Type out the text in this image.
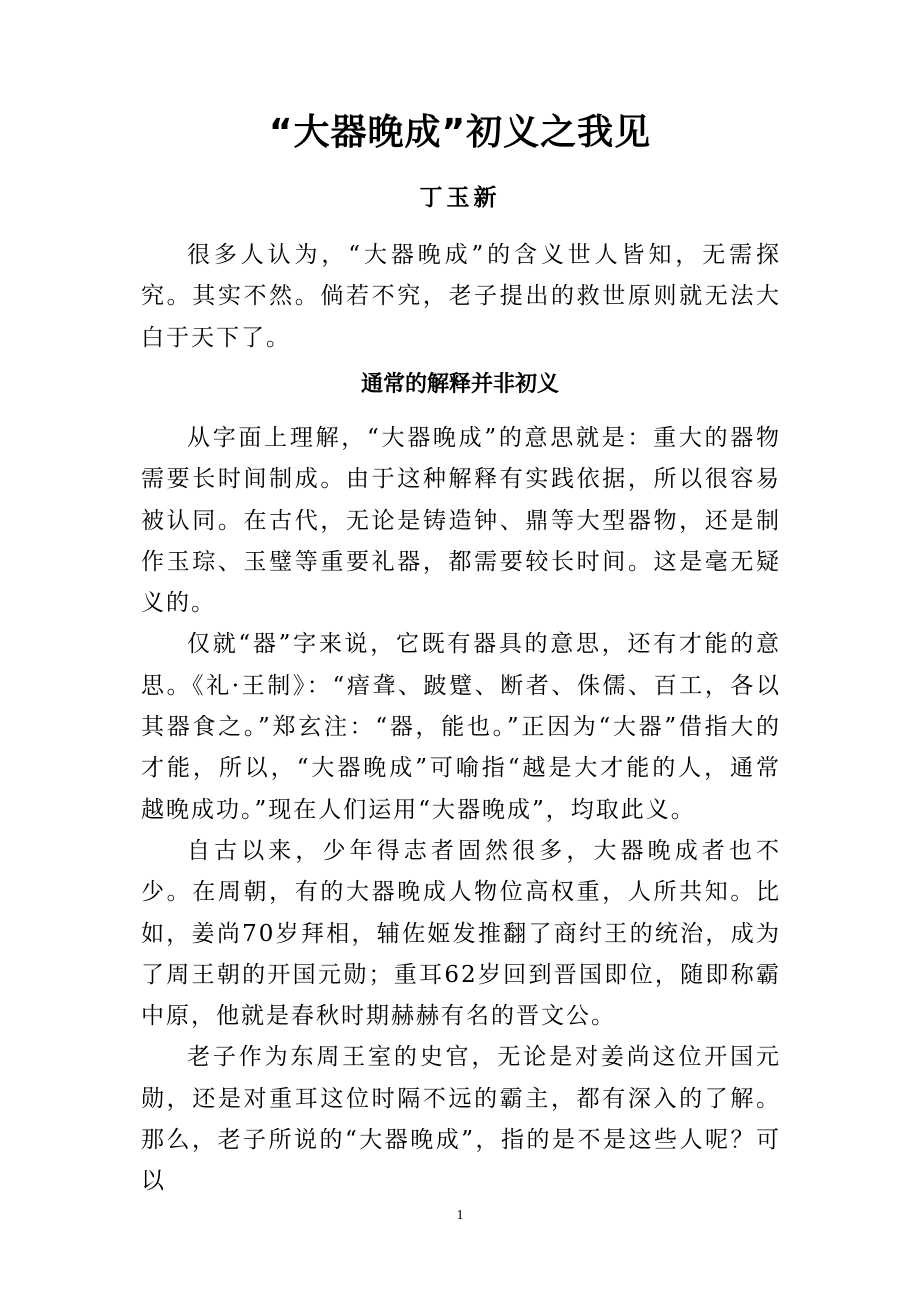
“大器晚成”初义之我见
丁玉新

很多人认为，“大器晚成”的含义世人皆知，无需探究。其实不然。倘若不究，老子提出的救世原则就无法大白于天下了。

通常的解释并非初义

从字面上理解，“大器晚成”的意思就是：重大的器物需要长时间制成。由于这种解释有实践依据，所以很容易被认同。在古代，无论是铸造钟、鼎等大型器物，还是制作玉琮、玉璧等重要礼器，都需要较长时间。这是毫无疑义的。

仅就“器”字来说，它既有器具的意思，还有才能的意思。《礼·王制》：“瘖聋、跛躄、断者、侏儒、百工，各以其器食之。”郑玄注：“器，能也。”正因为“大器”借指大的才能，所以，“大器晚成”可喻指“越是大才能的人，通常越晚成功。”现在人们运用“大器晚成”，均取此义。

自古以来，少年得志者固然很多，大器晚成者也不少。在周朝，有的大器晚成人物位高权重，人所共知。比如，姜尚70岁拜相，辅佐姬发推翻了商纣王的统治，成为了周王朝的开国元勋；重耳62岁回到晋国即位，随即称霸中原，他就是春秋时期赫赫有名的晋文公。

老子作为东周王室的史官，无论是对姜尚这位开国元勋，还是对重耳这位时隔不远的霸主，都有深入的了解。那么，老子所说的“大器晚成”，指的是不是这些人呢？可以

1
